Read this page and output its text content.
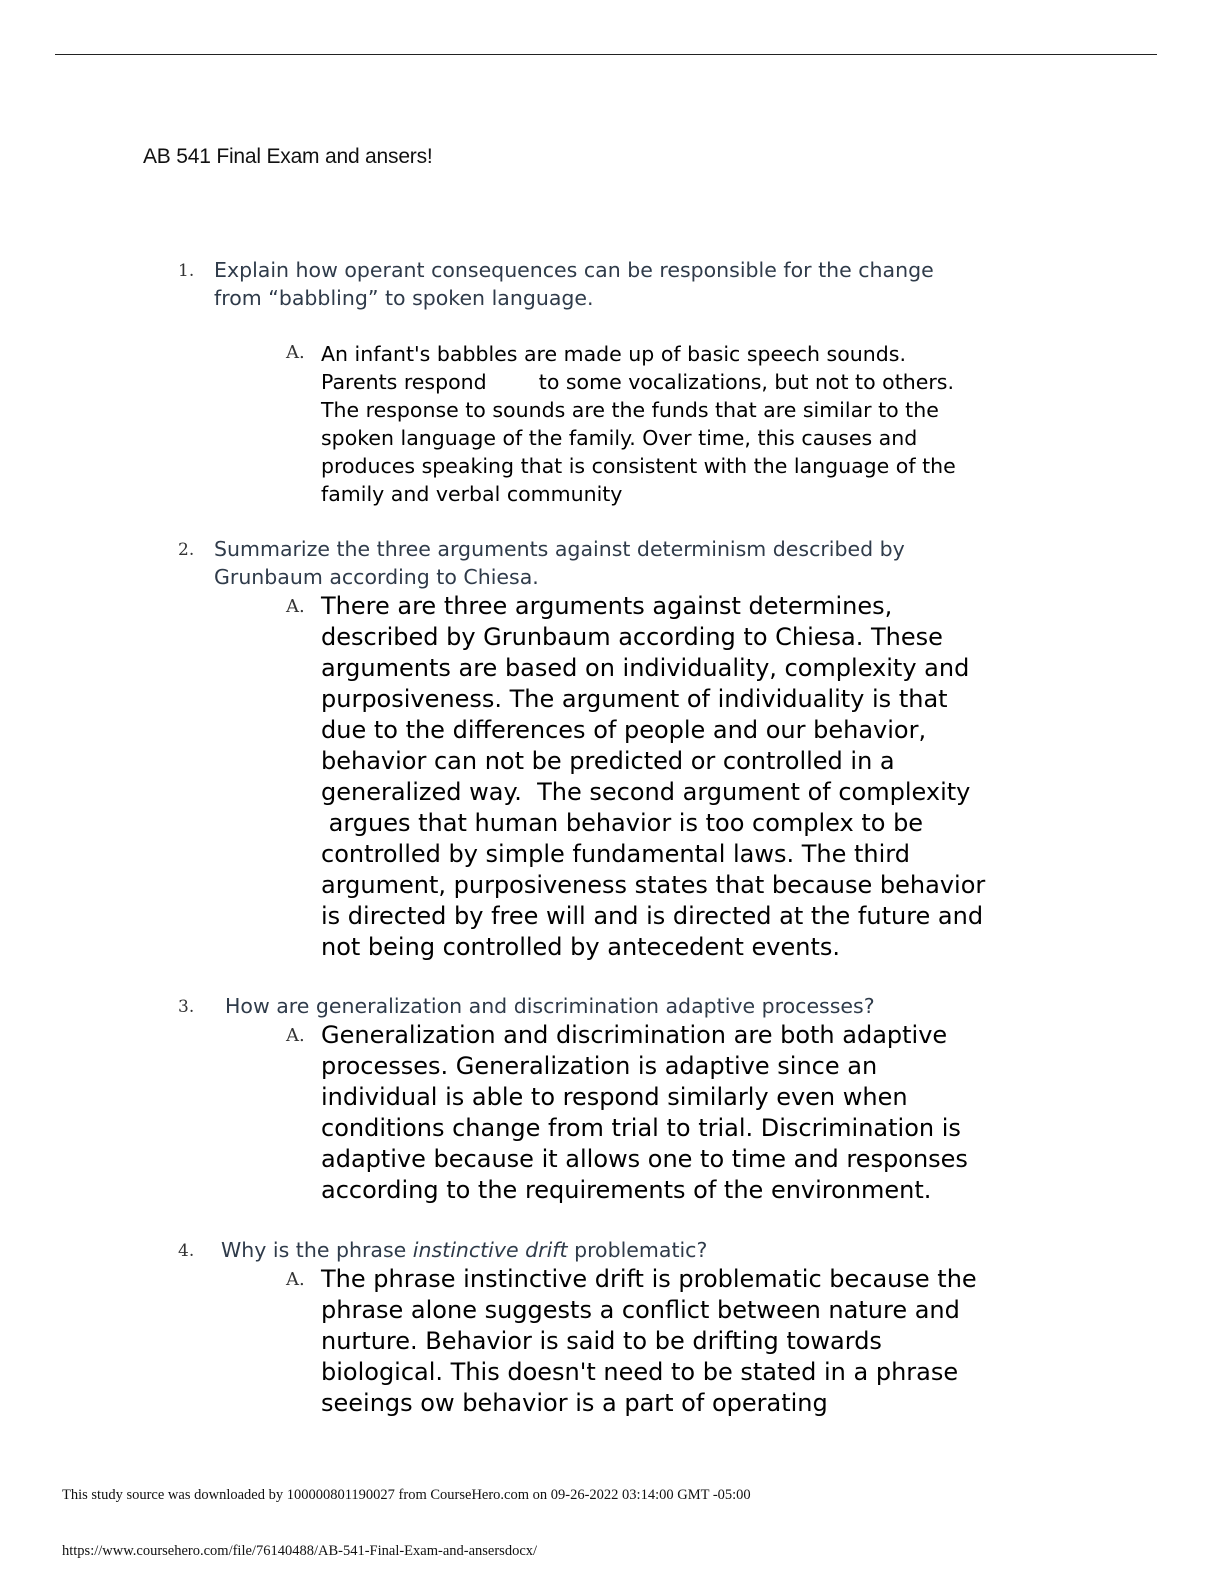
AB 541 Final Exam and ansers!
1. Explain how operant consequences can be responsible for the change
from “babbling” to spoken language.
A. An infant's babbles are made up of basic speech sounds.
Parents respond        to some vocalizations, but not to others.
The response to sounds are the funds that are similar to the
spoken language of the family. Over time, this causes and
produces speaking that is consistent with the language of the
family and verbal community
2. Summarize the three arguments against determinism described by
Grunbaum according to Chiesa.
A. There are three arguments against determines,
described by Grunbaum according to Chiesa. These
arguments are based on individuality, complexity and
purposiveness. The argument of individuality is that
due to the differences of people and our behavior,
behavior can not be predicted or controlled in a
generalized way.  The second argument of complexity
argues that human behavior is too complex to be
controlled by simple fundamental laws. The third
argument, purposiveness states that because behavior
is directed by free will and is directed at the future and
not being controlled by antecedent events.
3. How are generalization and discrimination adaptive processes?
A. Generalization and discrimination are both adaptive
processes. Generalization is adaptive since an
individual is able to respond similarly even when
conditions change from trial to trial. Discrimination is
adaptive because it allows one to time and responses
according to the requirements of the environment.
4. Why is the phrase instinctive drift problematic?
A. The phrase instinctive drift is problematic because the
phrase alone suggests a conflict between nature and
nurture. Behavior is said to be drifting towards
biological. This doesn't need to be stated in a phrase
seeings ow behavior is a part of operating
This study source was downloaded by 100000801190027 from CourseHero.com on 09-26-2022 03:14:00 GMT -05:00
https://www.coursehero.com/file/76140488/AB-541-Final-Exam-and-ansersdocx/
